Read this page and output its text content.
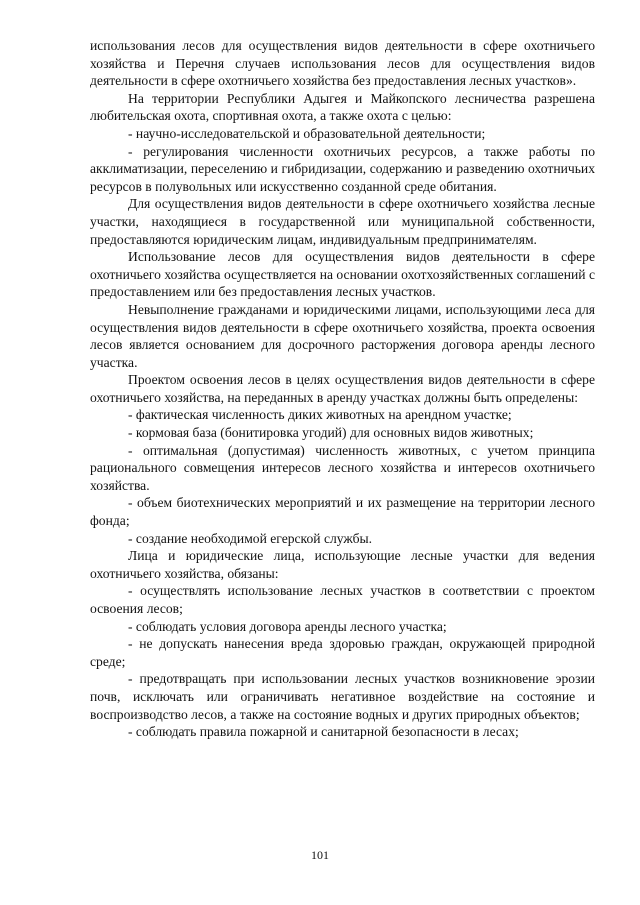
использования лесов для осуществления видов деятельности в сфере охотничьего хозяйства и Перечня случаев использования лесов для осуществления видов деятельности в сфере охотничьего хозяйства без предоставления лесных участков».

На территории Республики Адыгея и Майкопского лесничества разрешена любительская охота, спортивная охота, а также охота с целью:

- научно-исследовательской и образовательной деятельности;

- регулирования численности охотничьих ресурсов, а также работы по акклиматизации, переселению и гибридизации, содержанию и разведению охотничьих ресурсов в полувольных или искусственно созданной среде обитания.

Для осуществления видов деятельности в сфере охотничьего хозяйства лесные участки, находящиеся в государственной или муниципальной собственности, предоставляются юридическим лицам, индивидуальным предпринимателям.

Использование лесов для осуществления видов деятельности в сфере охотничьего хозяйства осуществляется на основании охотхозяйственных соглашений с предоставлением или без предоставления лесных участков.

Невыполнение гражданами и юридическими лицами, использующими леса для осуществления видов деятельности в сфере охотничьего хозяйства, проекта освоения лесов является основанием для досрочного расторжения договора аренды лесного участка.

Проектом освоения лесов в целях осуществления видов деятельности в сфере охотничьего хозяйства, на переданных в аренду участках должны быть определены:

- фактическая численность диких животных на арендном участке;

- кормовая база (бонитировка угодий) для основных видов животных;

- оптимальная (допустимая) численность животных, с учетом принципа рационального совмещения интересов лесного хозяйства и интересов охотничьего хозяйства.

- объем биотехнических мероприятий и их размещение на территории лесного фонда;

- создание необходимой егерской службы.

Лица и юридические лица, использующие лесные участки для ведения охотничьего хозяйства, обязаны:

- осуществлять использование лесных участков в соответствии с проектом освоения лесов;

- соблюдать условия договора аренды лесного участка;

- не допускать нанесения вреда здоровью граждан, окружающей природной среде;

- предотвращать при использовании лесных участков возникновение эрозии почв, исключать или ограничивать негативное воздействие на состояние и воспроизводство лесов, а также на состояние водных и других природных объектов;

- соблюдать правила пожарной и санитарной безопасности в лесах;

101
